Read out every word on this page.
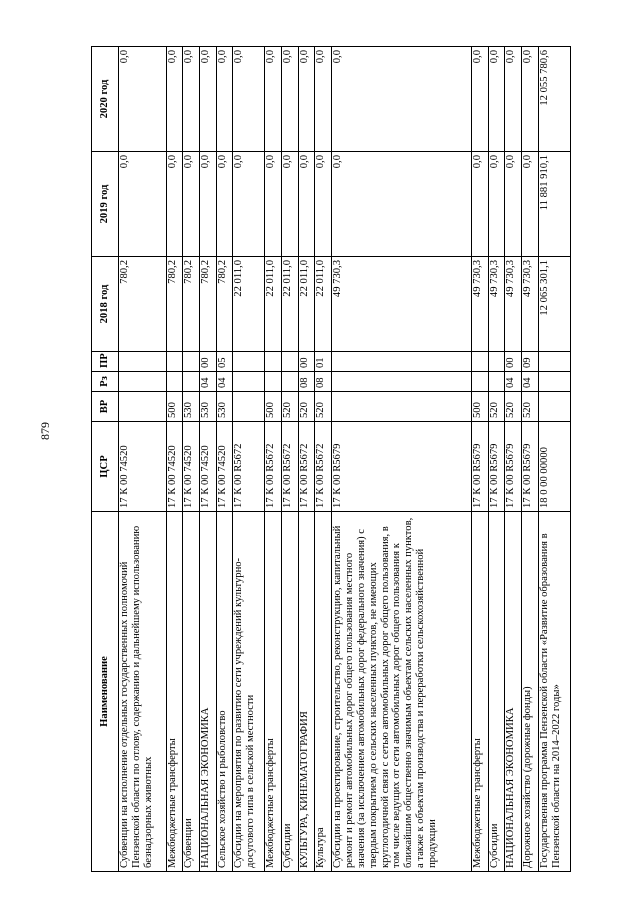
879
Наименование	ЦСР	ВР	Рз	ПР	2018 год	2019 год	2020 год
Субвенции на исполнение отдельных государственных полномочий Пензенской области по отлову, содержанию и дальнейшему использованию безнадзорных животных	17 К 00 74520				780,2	0,0	0,0
Межбюджетные трансферты	17 К 00 74520	500			780,2	0,0	0,0
Субвенции	17 К 00 74520	530			780,2	0,0	0,0
НАЦИОНАЛЬНАЯ ЭКОНОМИКА	17 К 00 74520	530	04	00	780,2	0,0	0,0
Сельское хозяйство и рыболовство	17 К 00 74520	530	04	05	780,2	0,0	0,0
Субсидии на мероприятия по развитию сети учреждений культурно-досугового типа в сельской местности	17 К 00 R5672				22 011,0	0,0	0,0
Межбюджетные трансферты	17 К 00 R5672	500			22 011,0	0,0	0,0
Субсидии	17 К 00 R5672	520			22 011,0	0,0	0,0
КУЛЬТУРА, КИНЕМАТОГРАФИЯ	17 К 00 R5672	520	08	00	22 011,0	0,0	0,0
Культура	17 К 00 R5672	520	08	01	22 011,0	0,0	0,0
Субсидии на проектирование, строительство, реконструкцию, капитальный ремонт и ремонт автомобильных дорог общего пользования местного значения (за исключением автомобильных дорог федерального значения) с твердым покрытием до сельских населенных пунктов, не имеющих круглогодичной связи с сетью автомобильных дорог общего пользования, в том числе ведущих от сети автомобильных дорог общего пользования к ближайшим общественно значимым объектам сельских населенных пунктов, а также к объектам производства и переработки сельскохозяйственной продукции	17 К 00 R5679				49 730,3	0,0	0,0
Межбюджетные трансферты	17 К 00 R5679	500			49 730,3	0,0	0,0
Субсидии	17 К 00 R5679	520			49 730,3	0,0	0,0
НАЦИОНАЛЬНАЯ ЭКОНОМИКА	17 К 00 R5679	520	04	00	49 730,3	0,0	0,0
Дорожное хозяйство (дорожные фонды)	17 К 00 R5679	520	04	09	49 730,3	0,0	0,0
Государственная программа Пензенской области «Развитие образования в Пензенской области на 2014–2022 годы»	18 0 00 00000				12 065 301,1	11 881 910,1	12 055 780,6
